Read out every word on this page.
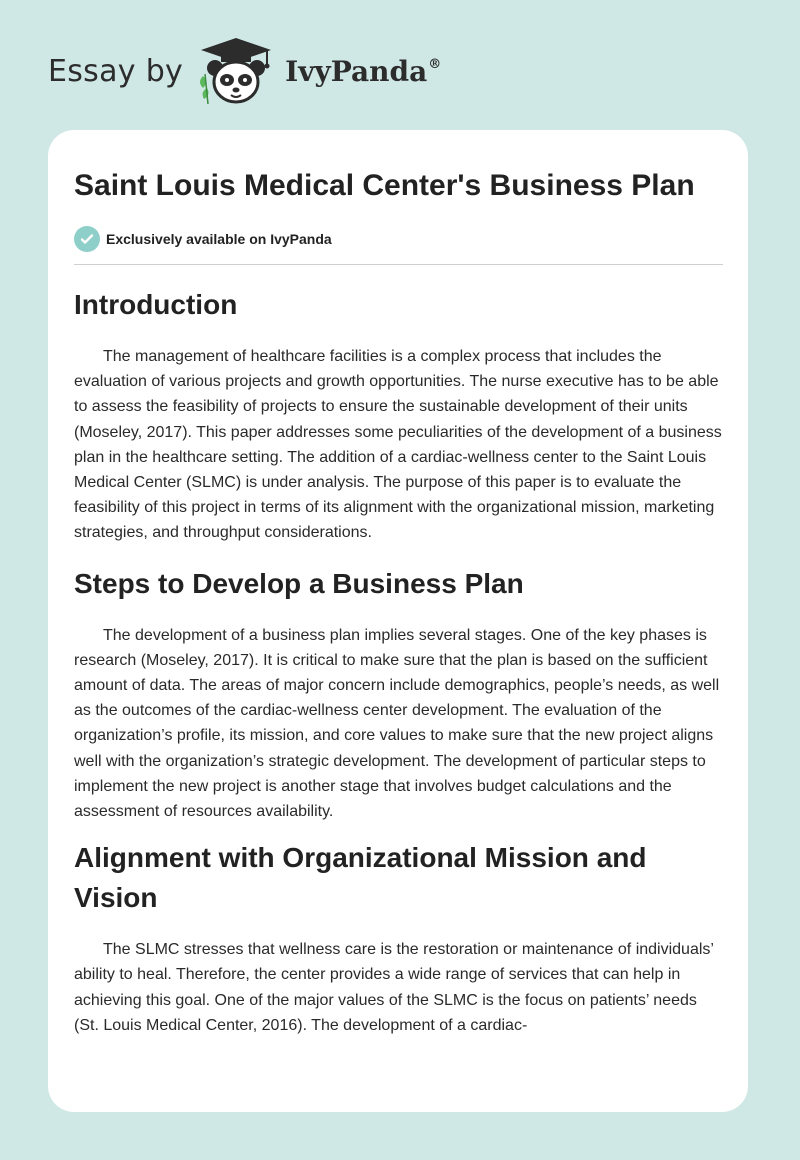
Essay by	IvyPanda®
Saint Louis Medical Center's Business Plan
Exclusively available on IvyPanda
Introduction

The management of healthcare facilities is a complex process that includes the evaluation of various projects and growth opportunities. The nurse executive has to be able to assess the feasibility of projects to ensure the sustainable development of their units (Moseley, 2017). This paper addresses some peculiarities of the development of a business plan in the healthcare setting. The addition of a cardiac-wellness center to the Saint Louis Medical Center (SLMC) is under analysis. The purpose of this paper is to evaluate the feasibility of this project in terms of its alignment with the organizational mission, marketing strategies, and throughput considerations.

Steps to Develop a Business Plan

The development of a business plan implies several stages. One of the key phases is research (Moseley, 2017). It is critical to make sure that the plan is based on the sufficient amount of data. The areas of major concern include demographics, people’s needs, as well as the outcomes of the cardiac-wellness center development. The evaluation of the organization’s profile, its mission, and core values to make sure that the new project aligns well with the organization’s strategic development. The development of particular steps to implement the new project is another stage that involves budget calculations and the assessment of resources availability.

Alignment with Organizational Mission and Vision

The SLMC stresses that wellness care is the restoration or maintenance of individuals’ ability to heal. Therefore, the center provides a wide range of services that can help in achieving this goal. One of the major values of the SLMC is the focus on patients’ needs (St. Louis Medical Center, 2016). The development of a cardiac-
